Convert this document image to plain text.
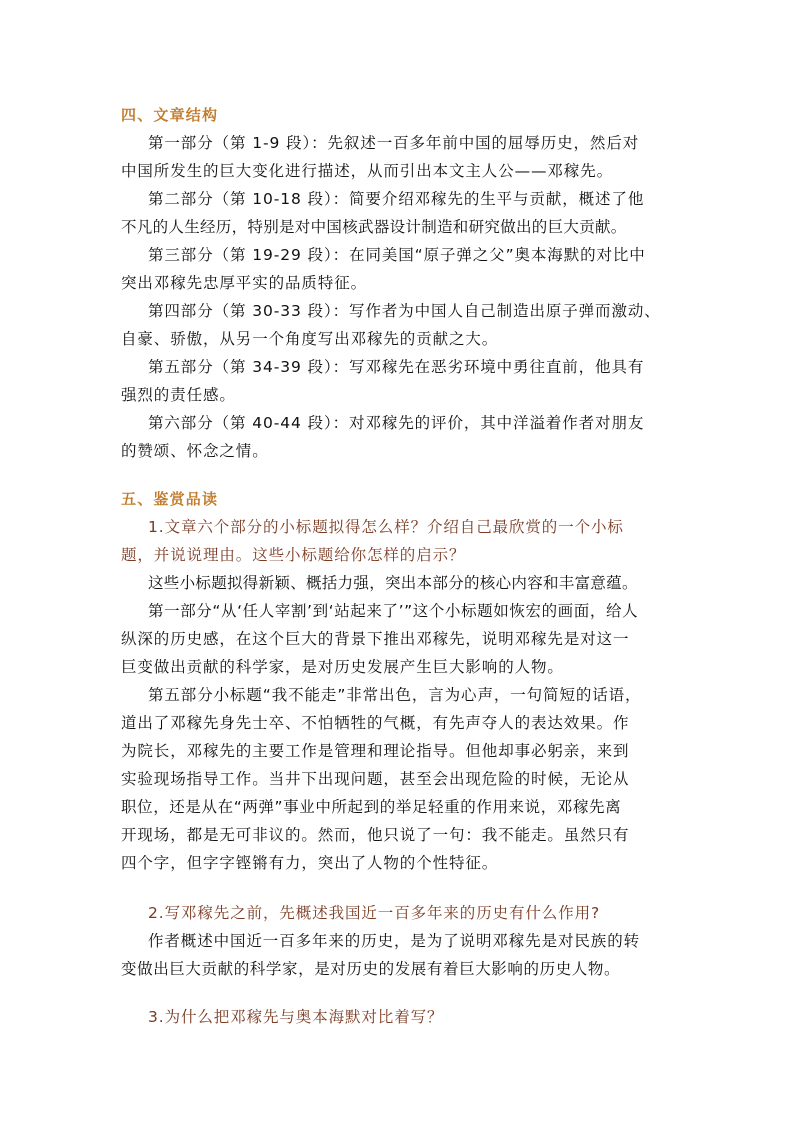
四、文章结构
第一部分（第 1-9 段）：先叙述一百多年前中国的屈辱历史，然后对
中国所发生的巨大变化进行描述，从而引出本文主人公——邓稼先。
第二部分（第 10-18 段）：简要介绍邓稼先的生平与贡献，概述了他
不凡的人生经历，特别是对中国核武器设计制造和研究做出的巨大贡献。
第三部分（第 19-29 段）：在同美国“原子弹之父”奥本海默的对比中
突出邓稼先忠厚平实的品质特征。
第四部分（第 30-33 段）：写作者为中国人自己制造出原子弹而激动、
自豪、骄傲，从另一个角度写出邓稼先的贡献之大。
第五部分（第 34-39 段）：写邓稼先在恶劣环境中勇往直前，他具有
强烈的责任感。
第六部分（第 40-44 段）：对邓稼先的评价，其中洋溢着作者对朋友
的赞颂、怀念之情。
五、鉴赏品读
1.文章六个部分的小标题拟得怎么样？介绍自己最欣赏的一个小标
题，并说说理由。这些小标题给你怎样的启示？
这些小标题拟得新颖、概括力强，突出本部分的核心内容和丰富意蕴。
第一部分“从‘任人宰割’到‘站起来了’”这个小标题如恢宏的画面，给人
纵深的历史感，在这个巨大的背景下推出邓稼先，说明邓稼先是对这一
巨变做出贡献的科学家，是对历史发展产生巨大影响的人物。
第五部分小标题“我不能走”非常出色，言为心声，一句简短的话语，
道出了邓稼先身先士卒、不怕牺牲的气概，有先声夺人的表达效果。作
为院长，邓稼先的主要工作是管理和理论指导。但他却事必躬亲，来到
实验现场指导工作。当井下出现问题，甚至会出现危险的时候，无论从
职位，还是从在“两弹”事业中所起到的举足轻重的作用来说，邓稼先离
开现场，都是无可非议的。然而，他只说了一句：我不能走。虽然只有
四个字，但字字铿锵有力，突出了人物的个性特征。
2.写邓稼先之前，先概述我国近一百多年来的历史有什么作用?
作者概述中国近一百多年来的历史，是为了说明邓稼先是对民族的转
变做出巨大贡献的科学家，是对历史的发展有着巨大影响的历史人物。
3.为什么把邓稼先与奥本海默对比着写？
